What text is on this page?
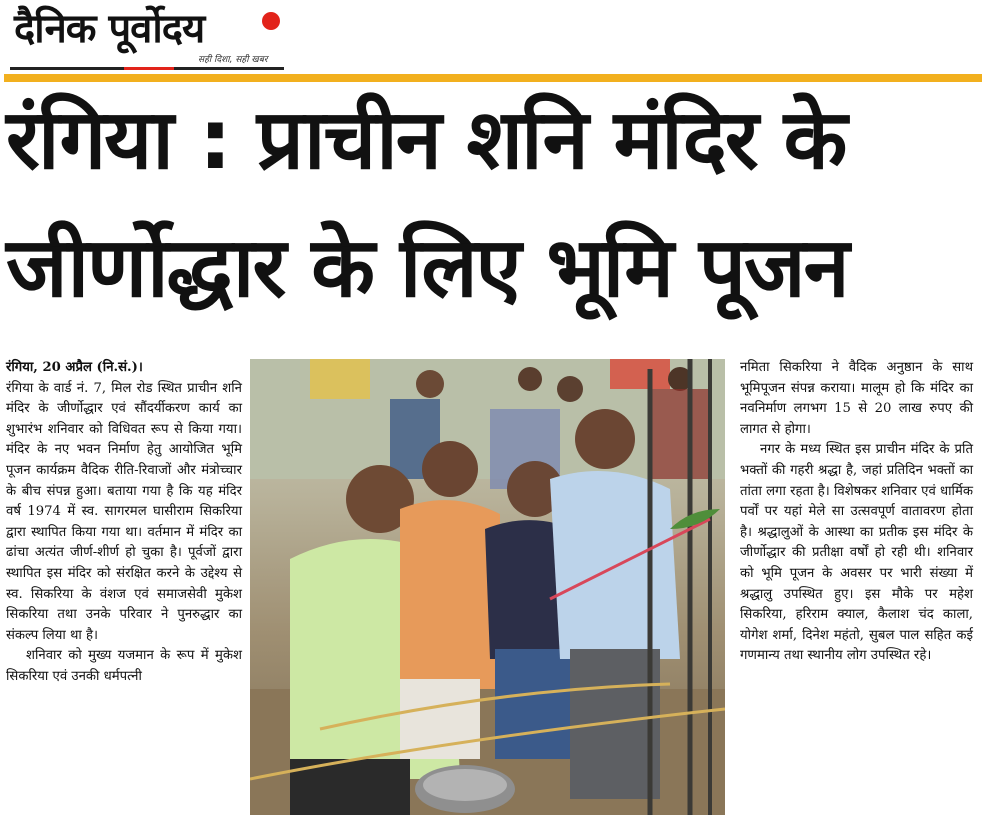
दैनिक पूर्वोदय
सही दिशा, सही खबर
रंगिया : प्राचीन शनि मंदिर के
जीर्णोद्धार के लिए भूमि पूजन

रंगिया, 20 अप्रैल (नि.सं.)।

रंगिया के वार्ड नं. 7, मिल रोड स्थित प्राचीन शनि मंदिर के जीर्णोद्धार एवं सौंदर्यीकरण कार्य का शुभारंभ शनिवार को विधिवत रूप से किया गया। मंदिर के नए भवन निर्माण हेतु आयोजित भूमि पूजन कार्यक्रम वैदिक रीति-रिवाजों और मंत्रोच्चार के बीच संपन्न हुआ। बताया गया है कि यह मंदिर वर्ष 1974 में स्व. सागरमल घासीराम सिकरिया द्वारा स्थापित किया गया था। वर्तमान में मंदिर का ढांचा अत्यंत जीर्ण-शीर्ण हो चुका है। पूर्वजों द्वारा स्थापित इस मंदिर को संरक्षित करने के उद्देश्य से स्व. सिकरिया के वंशज एवं समाजसेवी मुकेश सिकरिया तथा उनके परिवार ने पुनरुद्धार का संकल्प लिया था है।

शनिवार को मुख्य यजमान के रूप में मुकेश सिकरिया एवं उनकी धर्मपत्नी

नमिता सिकरिया ने वैदिक अनुष्ठान के साथ भूमिपूजन संपन्न कराया। मालूम हो कि मंदिर का नवनिर्माण लगभग 15 से 20 लाख रुपए की लागत से होगा।

नगर के मध्य स्थित इस प्राचीन मंदिर के प्रति भक्तों की गहरी श्रद्धा है, जहां प्रतिदिन भक्तों का तांता लगा रहता है। विशेषकर शनिवार एवं धार्मिक पर्वों पर यहां मेले सा उत्सवपूर्ण वातावरण होता है। श्रद्धालुओं के आस्था का प्रतीक इस मंदिर के जीर्णोद्धार की प्रतीक्षा वर्षों हो रही थी। शनिवार को भूमि पूजन के अवसर पर भारी संख्या में श्रद्धालु उपस्थित हुए। इस मौके पर महेश सिकरिया, हरिराम क्याल, कैलाश चंद काला, योगेश शर्मा, दिनेश महंतो, सुबल पाल सहित कई गणमान्य तथा स्थानीय लोग उपस्थित रहे।
